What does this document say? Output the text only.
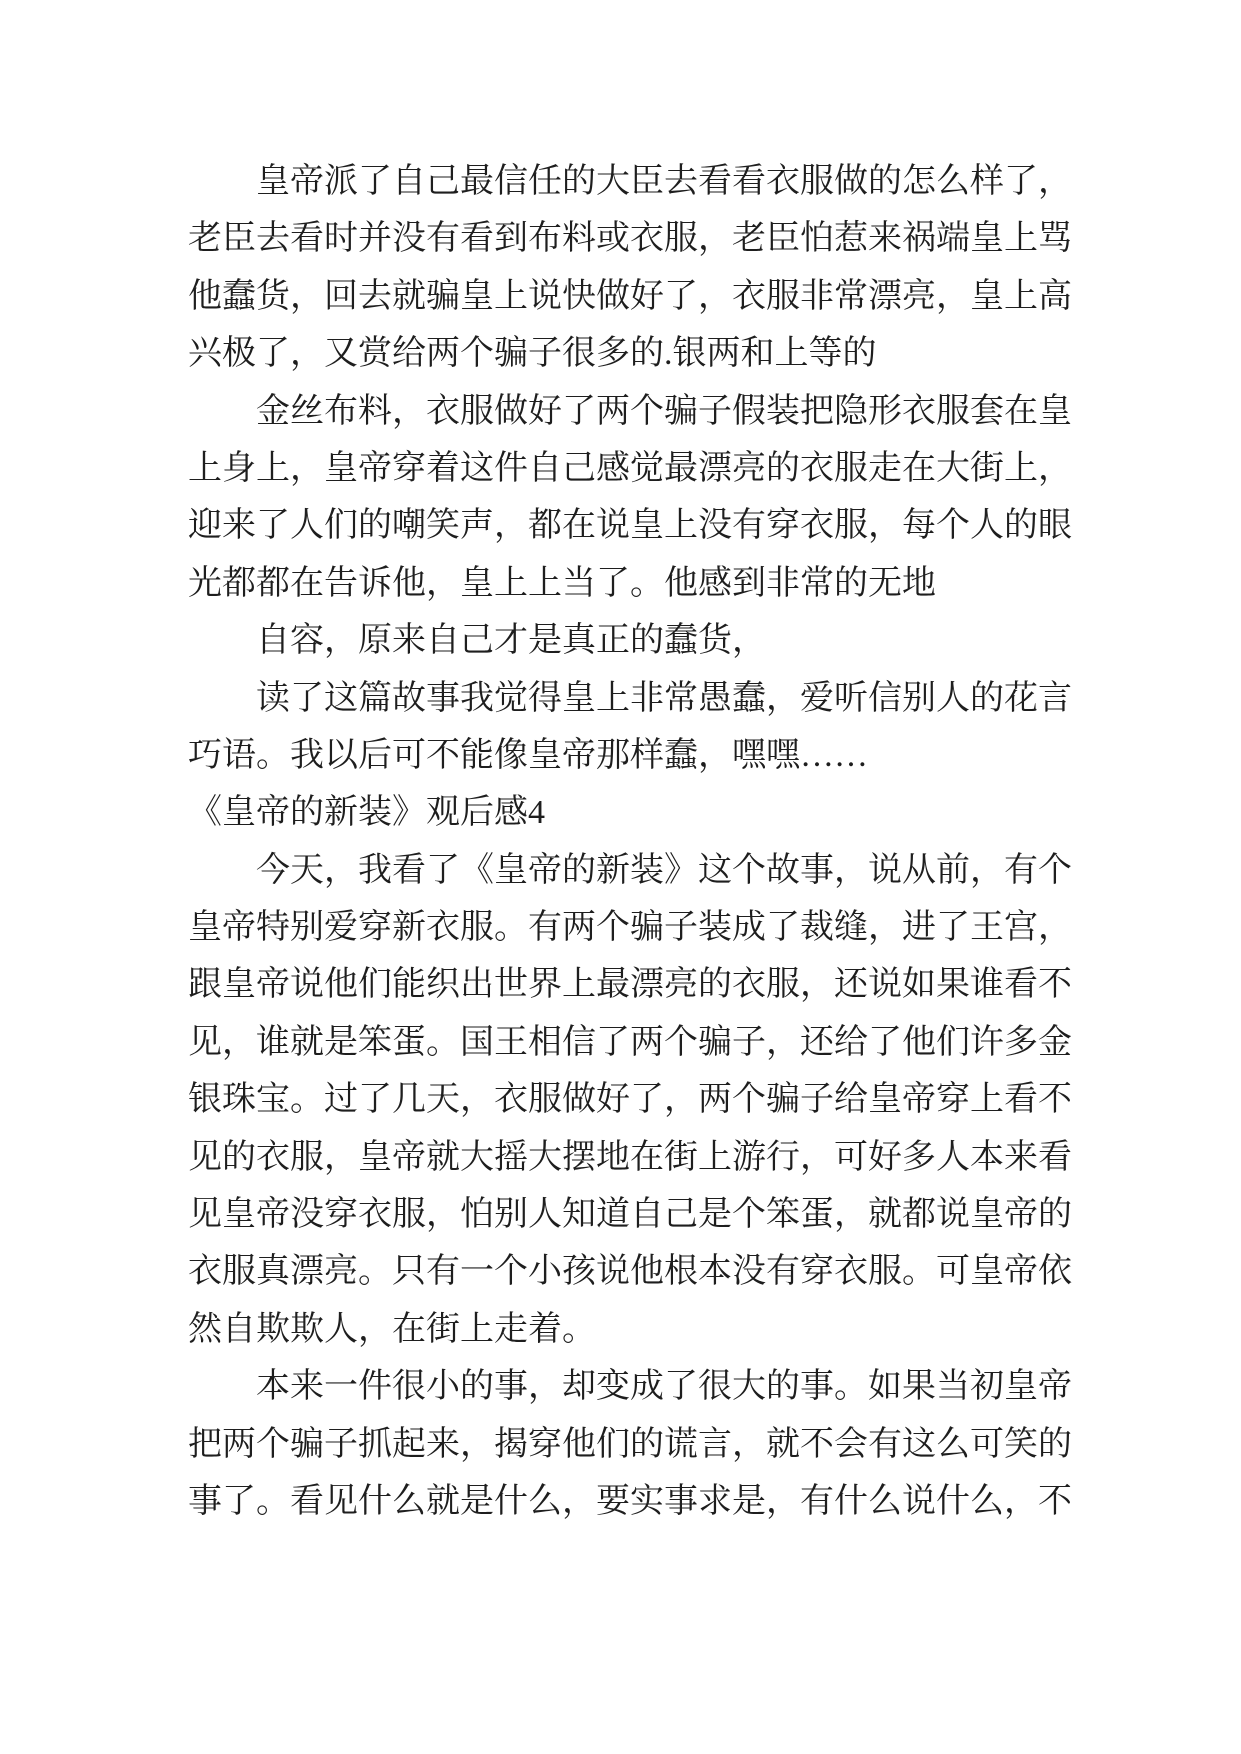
皇帝派了自己最信任的大臣去看看衣服做的怎么样了，
老臣去看时并没有看到布料或衣服，老臣怕惹来祸端皇上骂
他蠢货，回去就骗皇上说快做好了，衣服非常漂亮，皇上高
兴极了，又赏给两个骗子很多的.银两和上等的
金丝布料，衣服做好了两个骗子假装把隐形衣服套在皇
上身上，皇帝穿着这件自己感觉最漂亮的衣服走在大街上，
迎来了人们的嘲笑声，都在说皇上没有穿衣服，每个人的眼
光都都在告诉他，皇上上当了。他感到非常的无地
自容，原来自己才是真正的蠢货，
读了这篇故事我觉得皇上非常愚蠢，爱听信别人的花言
巧语。我以后可不能像皇帝那样蠢，嘿嘿……
《皇帝的新装》观后感4
今天，我看了《皇帝的新装》这个故事，说从前，有个
皇帝特别爱穿新衣服。有两个骗子装成了裁缝，进了王宫，
跟皇帝说他们能织出世界上最漂亮的衣服，还说如果谁看不
见，谁就是笨蛋。国王相信了两个骗子，还给了他们许多金
银珠宝。过了几天，衣服做好了，两个骗子给皇帝穿上看不
见的衣服，皇帝就大摇大摆地在街上游行，可好多人本来看
见皇帝没穿衣服，怕别人知道自己是个笨蛋，就都说皇帝的
衣服真漂亮。只有一个小孩说他根本没有穿衣服。可皇帝依
然自欺欺人，在街上走着。
本来一件很小的事，却变成了很大的事。如果当初皇帝
把两个骗子抓起来，揭穿他们的谎言，就不会有这么可笑的
事了。看见什么就是什么，要实事求是，有什么说什么，不
